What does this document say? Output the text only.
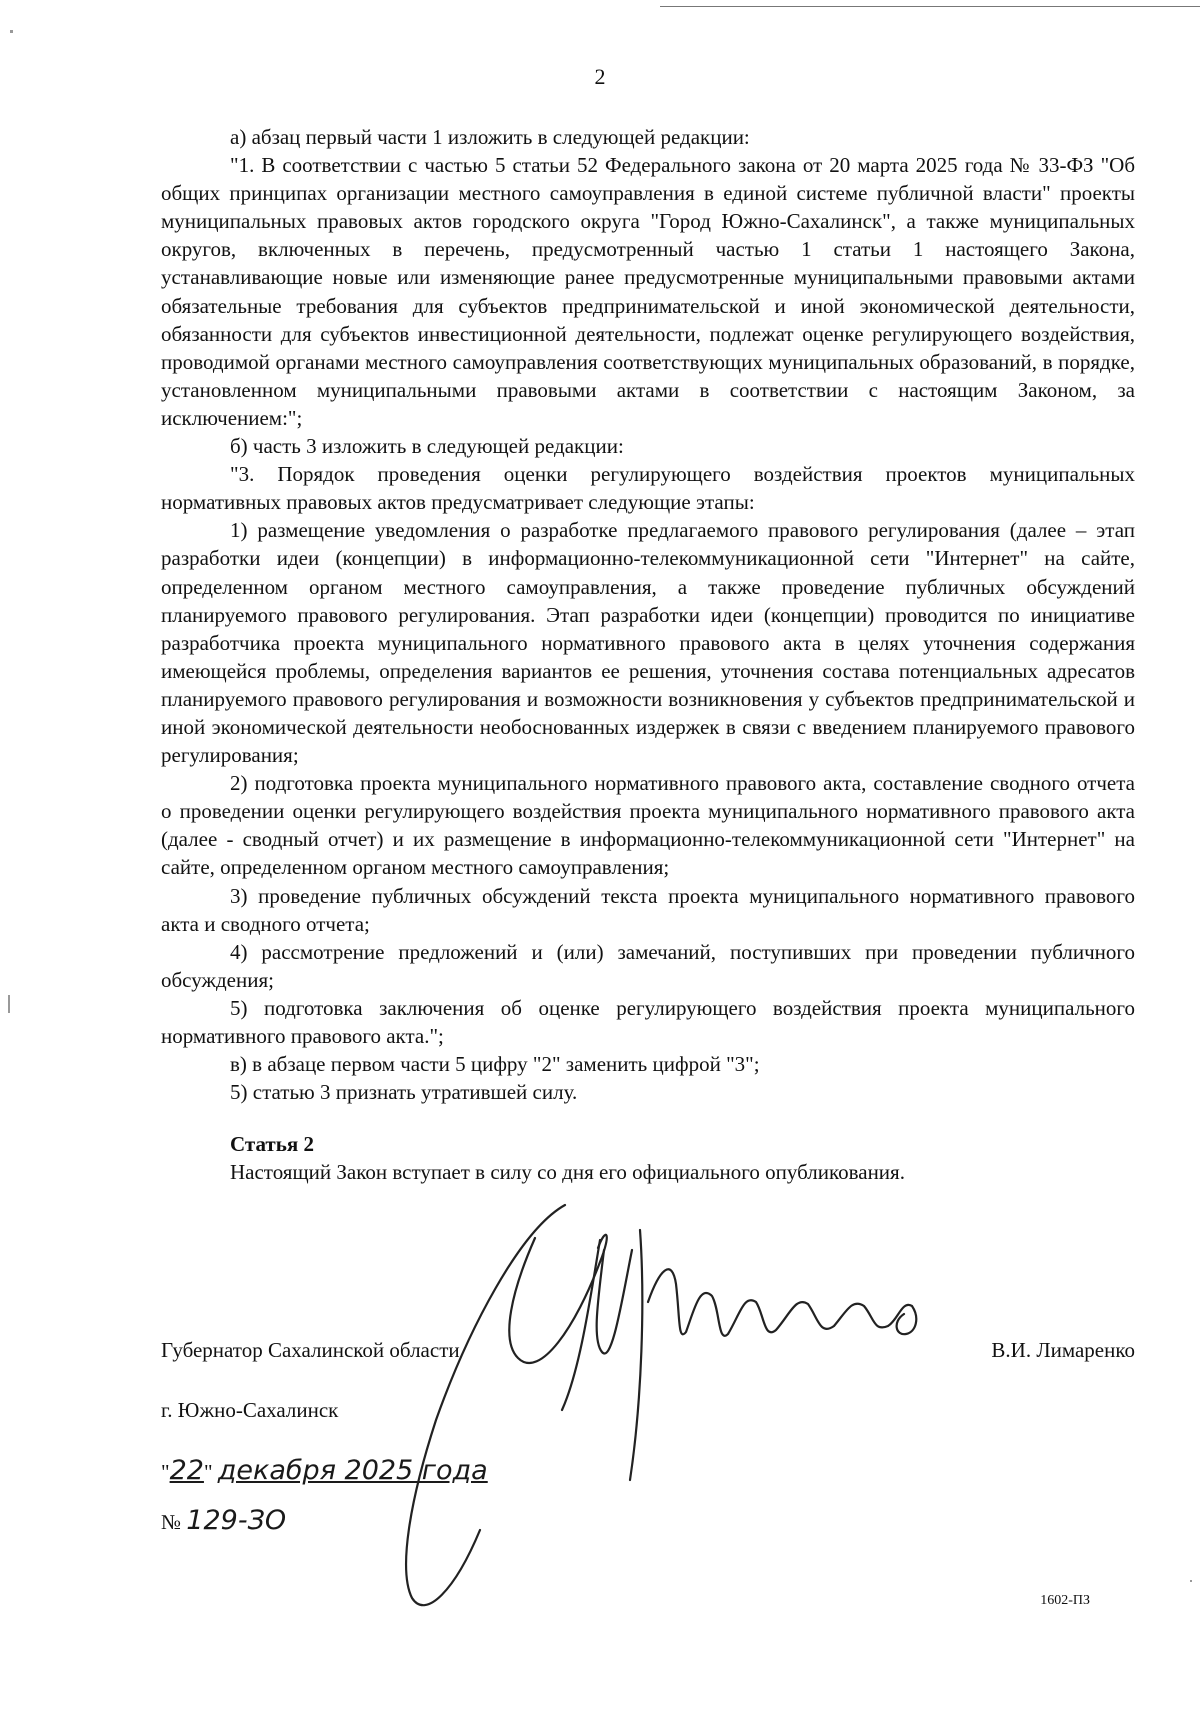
2

а) абзац первый части 1 изложить в следующей редакции:

"1. В соответствии с частью 5 статьи 52 Федерального закона от 20 марта 2025 года № 33-ФЗ "Об общих принципах организации местного самоуправления в единой системе публичной власти" проекты муниципальных правовых актов городского округа "Город Южно-Сахалинск", а также муниципальных округов, включенных в перечень, предусмотренный частью 1 статьи 1 настоящего Закона, устанавливающие новые или изменяющие ранее предусмотренные муниципальными правовыми актами обязательные требования для субъектов предпринимательской и иной экономической деятельности, обязанности для субъектов инвестиционной деятельности, подлежат оценке регулирующего воздействия, проводимой органами местного самоуправления соответствующих муниципальных образований, в порядке, установленном муниципальными правовыми актами в соответствии с настоящим Законом, за исключением:";

б) часть 3 изложить в следующей редакции:

"3. Порядок проведения оценки регулирующего воздействия проектов муниципальных нормативных правовых актов предусматривает следующие этапы:

1) размещение уведомления о разработке предлагаемого правового регулирования (далее – этап разработки идеи (концепции) в информационно-телекоммуникационной сети "Интернет" на сайте, определенном органом местного самоуправления, а также проведение публичных обсуждений планируемого правового регулирования. Этап разработки идеи (концепции) проводится по инициативе разработчика проекта муниципального нормативного правового акта в целях уточнения содержания имеющейся проблемы, определения вариантов ее решения, уточнения состава потенциальных адресатов планируемого правового регулирования и возможности возникновения у субъектов предпринимательской и иной экономической деятельности необоснованных издержек в связи с введением планируемого правового регулирования;

2) подготовка проекта муниципального нормативного правового акта, составление сводного отчета о проведении оценки регулирующего воздействия проекта муниципального нормативного правового акта (далее - сводный отчет) и их размещение в информационно-телекоммуникационной сети "Интернет" на сайте, определенном органом местного самоуправления;

3) проведение публичных обсуждений текста проекта муниципального нормативного правового акта и сводного отчета;

4) рассмотрение предложений и (или) замечаний, поступивших при проведении публичного обсуждения;

5) подготовка заключения об оценке регулирующего воздействия проекта муниципального нормативного правового акта.";

в) в абзаце первом части 5 цифру "2" заменить цифрой "3";

5) статью 3 признать утратившей силу.

Статья 2

Настоящий Закон вступает в силу со дня его официального опубликования.

Губернатор Сахалинской области	В.И. Лимаренко
г. Южно-Сахалинск
"22" декабря 2025 года
№ 129-ЗО
1602-ПЗ
